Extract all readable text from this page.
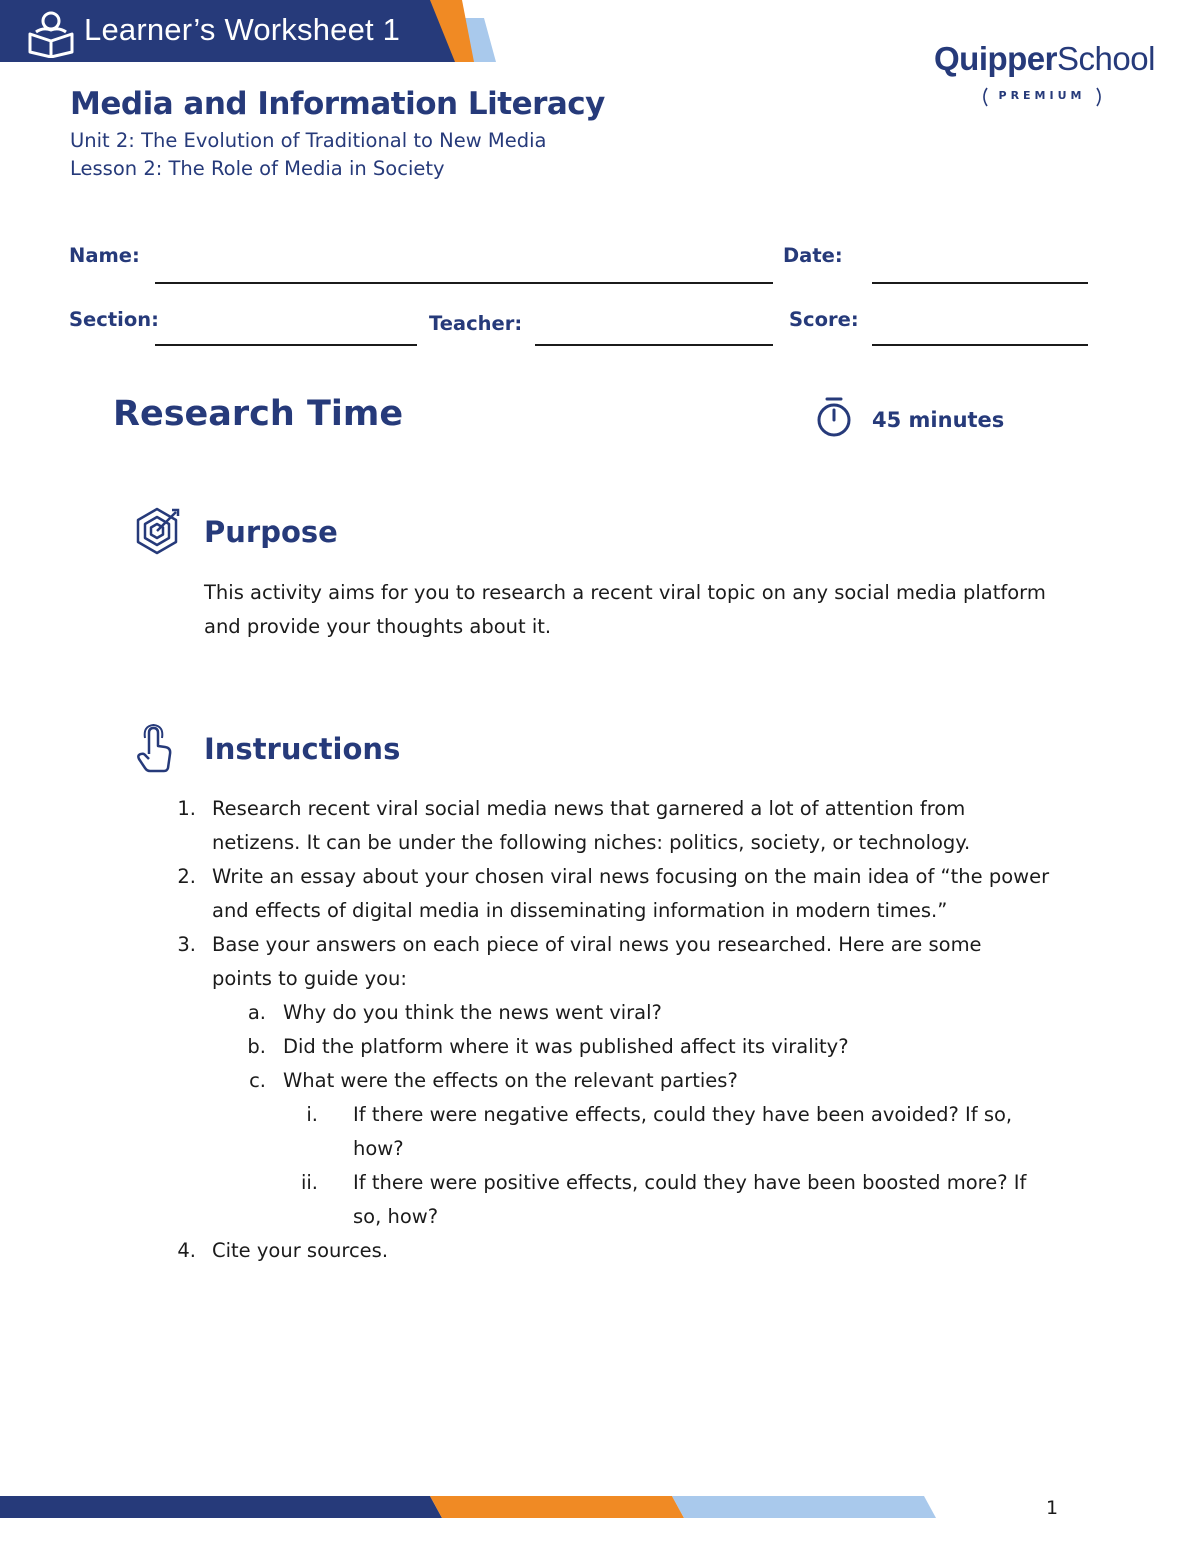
Learner’s Worksheet 1
QuipperSchool
PREMIUM
Media and Information Literacy
Unit 2: The Evolution of Traditional to New Media
Lesson 2: The Role of Media in Society
Name:	Date:
Section:	Teacher:	Score:
Research Time	45 minutes
Purpose
This activity aims for you to research a recent viral topic on any social media platform and provide your thoughts about it.
Instructions
1. Research recent viral social media news that garnered a lot of attention from netizens. It can be under the following niches: politics, society, or technology.
2. Write an essay about your chosen viral news focusing on the main idea of “the power and effects of digital media in disseminating information in modern times.”
3. Base your answers on each piece of viral news you researched. Here are some points to guide you:
a. Why do you think the news went viral?
b. Did the platform where it was published affect its virality?
c. What were the effects on the relevant parties?
i. If there were negative effects, could they have been avoided? If so, how?
ii. If there were positive effects, could they have been boosted more? If so, how?
4. Cite your sources.
1
